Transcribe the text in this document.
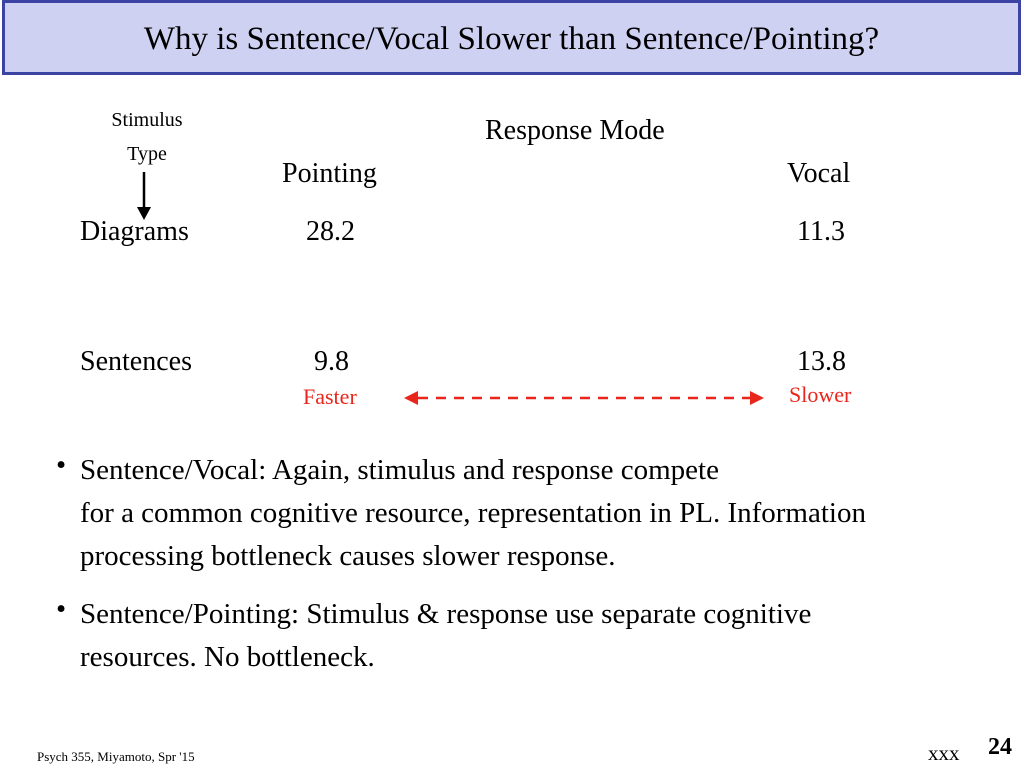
Why is Sentence/Vocal Slower than Sentence/Pointing?
Stimulus
Type
Response Mode
Pointing	Vocal
Diagrams	28.2	11.3
Sentences	9.8	13.8
Faster	Slower
• Sentence/Vocal: Again, stimulus and response compete

for a common cognitive resource, representation in PL. Information

processing bottleneck causes slower response.

• Sentence/Pointing: Stimulus & response use separate cognitive

resources. No bottleneck.

Psych 355, Miyamoto, Spr '15	xxx 24
